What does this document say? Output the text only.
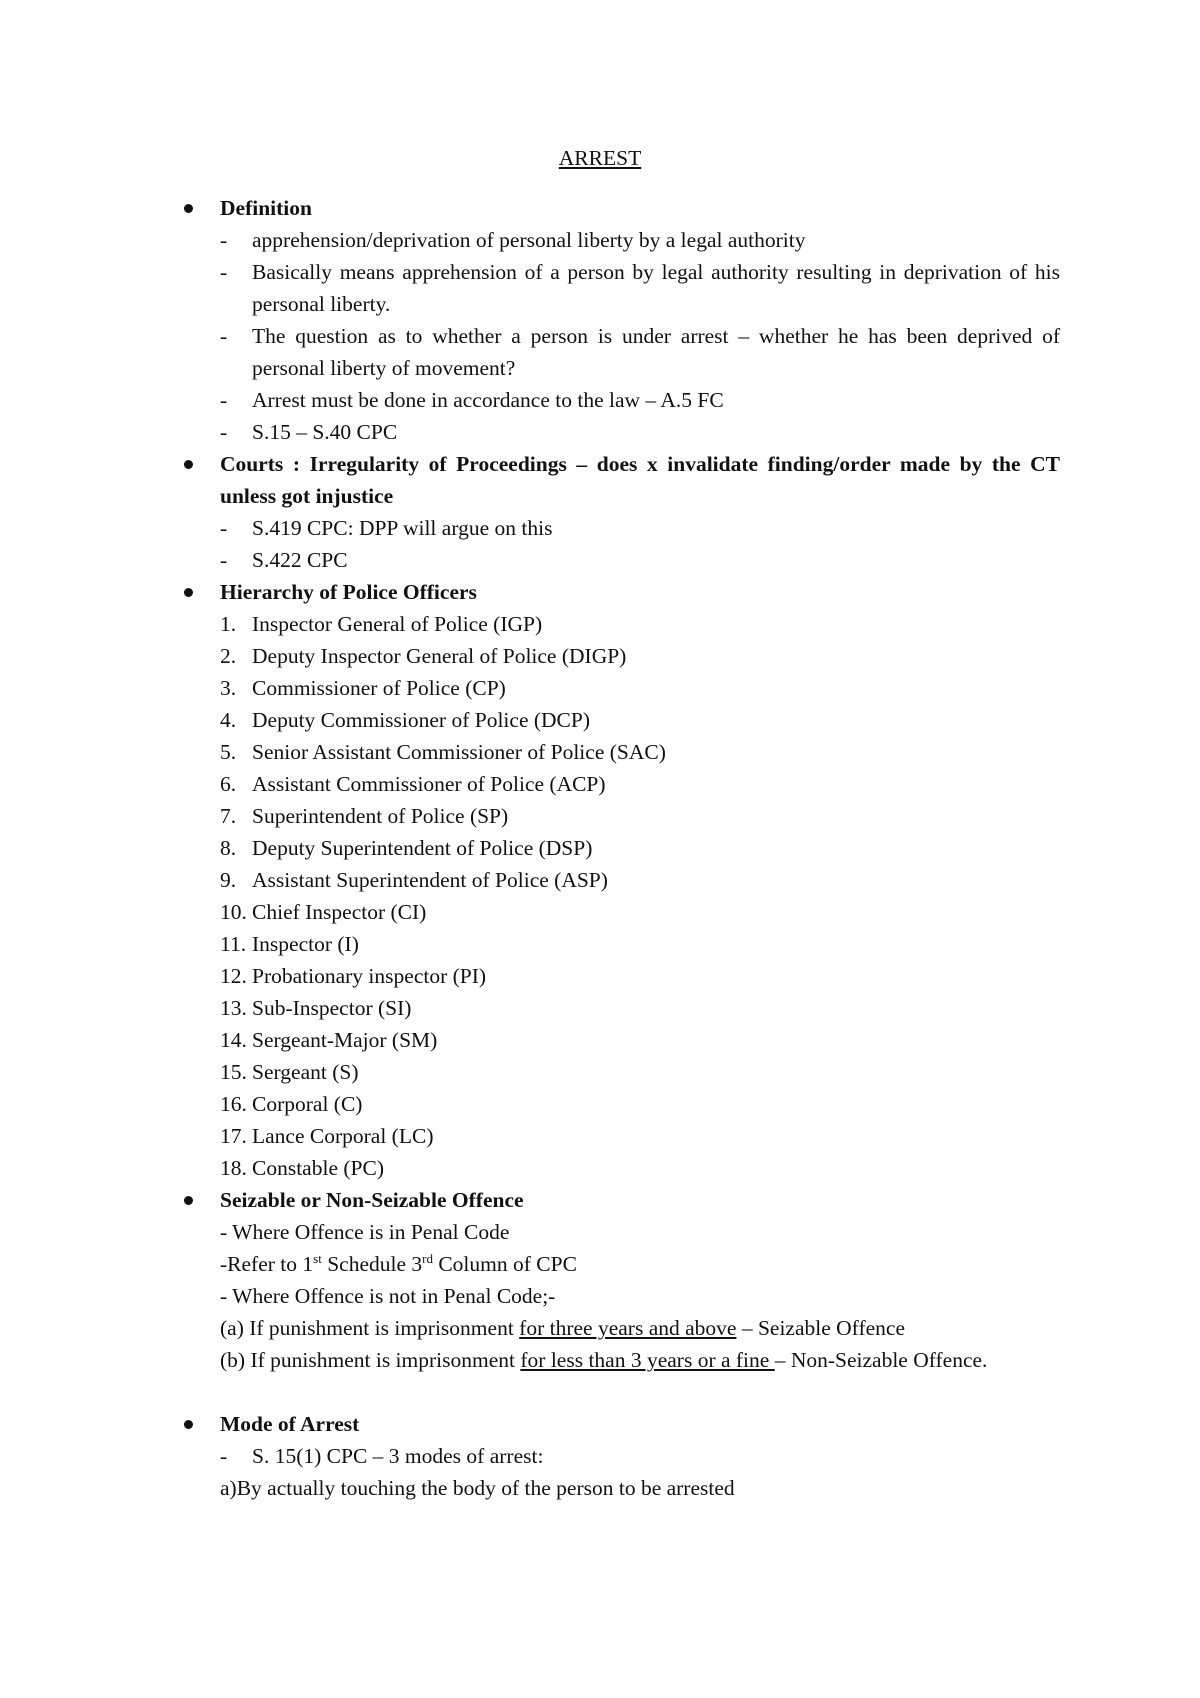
ARREST
Definition
- apprehension/deprivation of personal liberty by a legal authority
- Basically means apprehension of a person by legal authority resulting in deprivation of his personal liberty.
- The question as to whether a person is under arrest – whether he has been deprived of personal liberty of movement?
- Arrest must be done in accordance to the law – A.5 FC
- S.15 – S.40 CPC
Courts : Irregularity of Proceedings – does x invalidate finding/order made by the CT unless got injustice
- S.419 CPC: DPP will argue on this
- S.422 CPC
Hierarchy of Police Officers
1. Inspector General of Police (IGP)
2. Deputy Inspector General of Police (DIGP)
3. Commissioner of Police (CP)
4. Deputy Commissioner of Police (DCP)
5. Senior Assistant Commissioner of Police (SAC)
6. Assistant Commissioner of Police (ACP)
7. Superintendent of Police (SP)
8. Deputy Superintendent of Police (DSP)
9. Assistant Superintendent of Police (ASP)
10. Chief Inspector (CI)
11. Inspector (I)
12. Probationary inspector (PI)
13. Sub-Inspector (SI)
14. Sergeant-Major (SM)
15. Sergeant (S)
16. Corporal (C)
17. Lance Corporal (LC)
18. Constable (PC)
Seizable or Non-Seizable Offence
- Where Offence is in Penal Code
-Refer to 1st Schedule 3rd Column of CPC
- Where Offence is not in Penal Code;-
(a) If punishment is imprisonment for three years and above – Seizable Offence
(b) If punishment is imprisonment for less than 3 years or a fine – Non-Seizable Offence.
Mode of Arrest
- S. 15(1) CPC – 3 modes of arrest:
a)By actually touching the body of the person to be arrested
